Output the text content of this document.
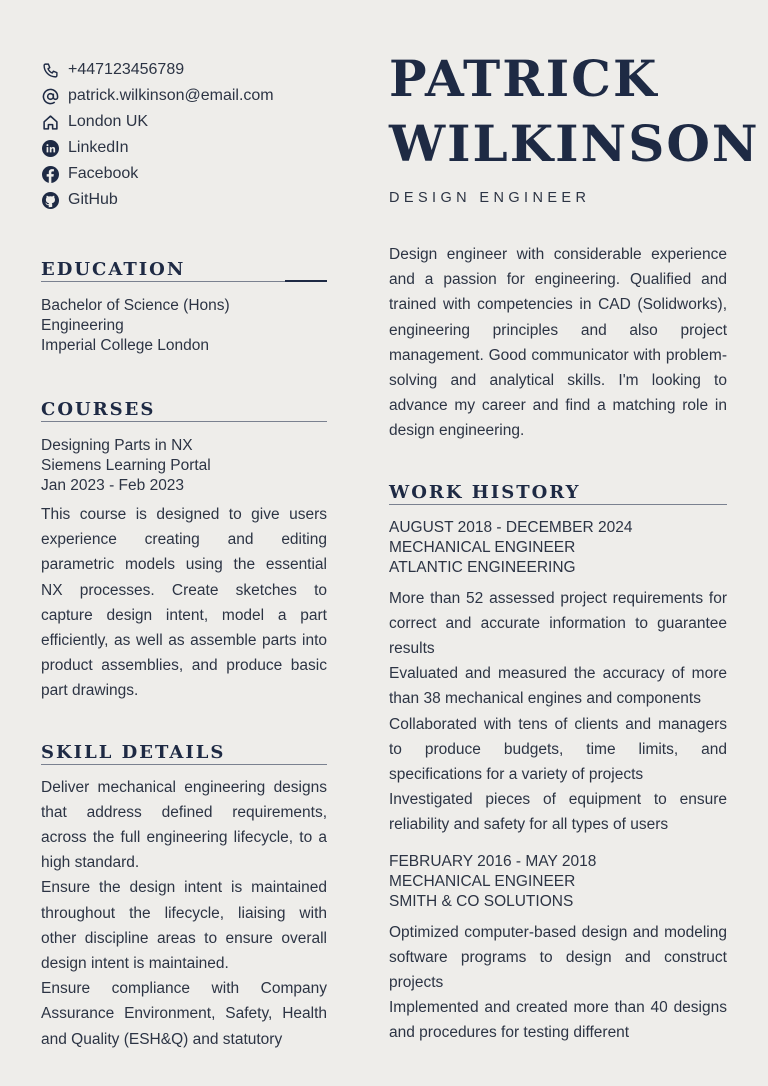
+447123456789
patrick.wilkinson@email.com
London UK
LinkedIn
Facebook
GitHub
EDUCATION

Bachelor of Science (Hons)

Engineering

Imperial College London

COURSES

Designing Parts in NX

Siemens Learning Portal

Jan 2023 - Feb 2023

This course is designed to give users experience creating and editing parametric models using the essential NX processes. Create sketches to capture design intent, model a part efficiently, as well as assemble parts into product assemblies, and produce basic part drawings.

SKILL DETAILS

Deliver mechanical engineering designs that address defined requirements, across the full engineering lifecycle, to a high standard.

Ensure the design intent is maintained throughout the lifecycle, liaising with other discipline areas to ensure overall design intent is maintained.

Ensure compliance with Company Assurance Environment, Safety, Health and Quality (ESH&Q) and statutory

PATRICK
WILKINSON
DESIGN ENGINEER

Design engineer with considerable experience and a passion for engineering. Qualified and trained with competencies in CAD (Solidworks), engineering principles and also project management. Good communicator with problem-solving and analytical skills. I'm looking to advance my career and find a matching role in design engineering.

WORK HISTORY

AUGUST 2018 - DECEMBER 2024

MECHANICAL ENGINEER

ATLANTIC ENGINEERING

More than 52 assessed project requirements for correct and accurate information to guarantee results

Evaluated and measured the accuracy of more than 38 mechanical engines and components

Collaborated with tens of clients and managers to produce budgets, time limits, and specifications for a variety of projects

Investigated pieces of equipment to ensure reliability and safety for all types of users

FEBRUARY 2016 - MAY 2018

MECHANICAL ENGINEER

SMITH & CO SOLUTIONS

Optimized computer-based design and modeling software programs to design and construct projects

Implemented and created more than 40 designs and procedures for testing different
